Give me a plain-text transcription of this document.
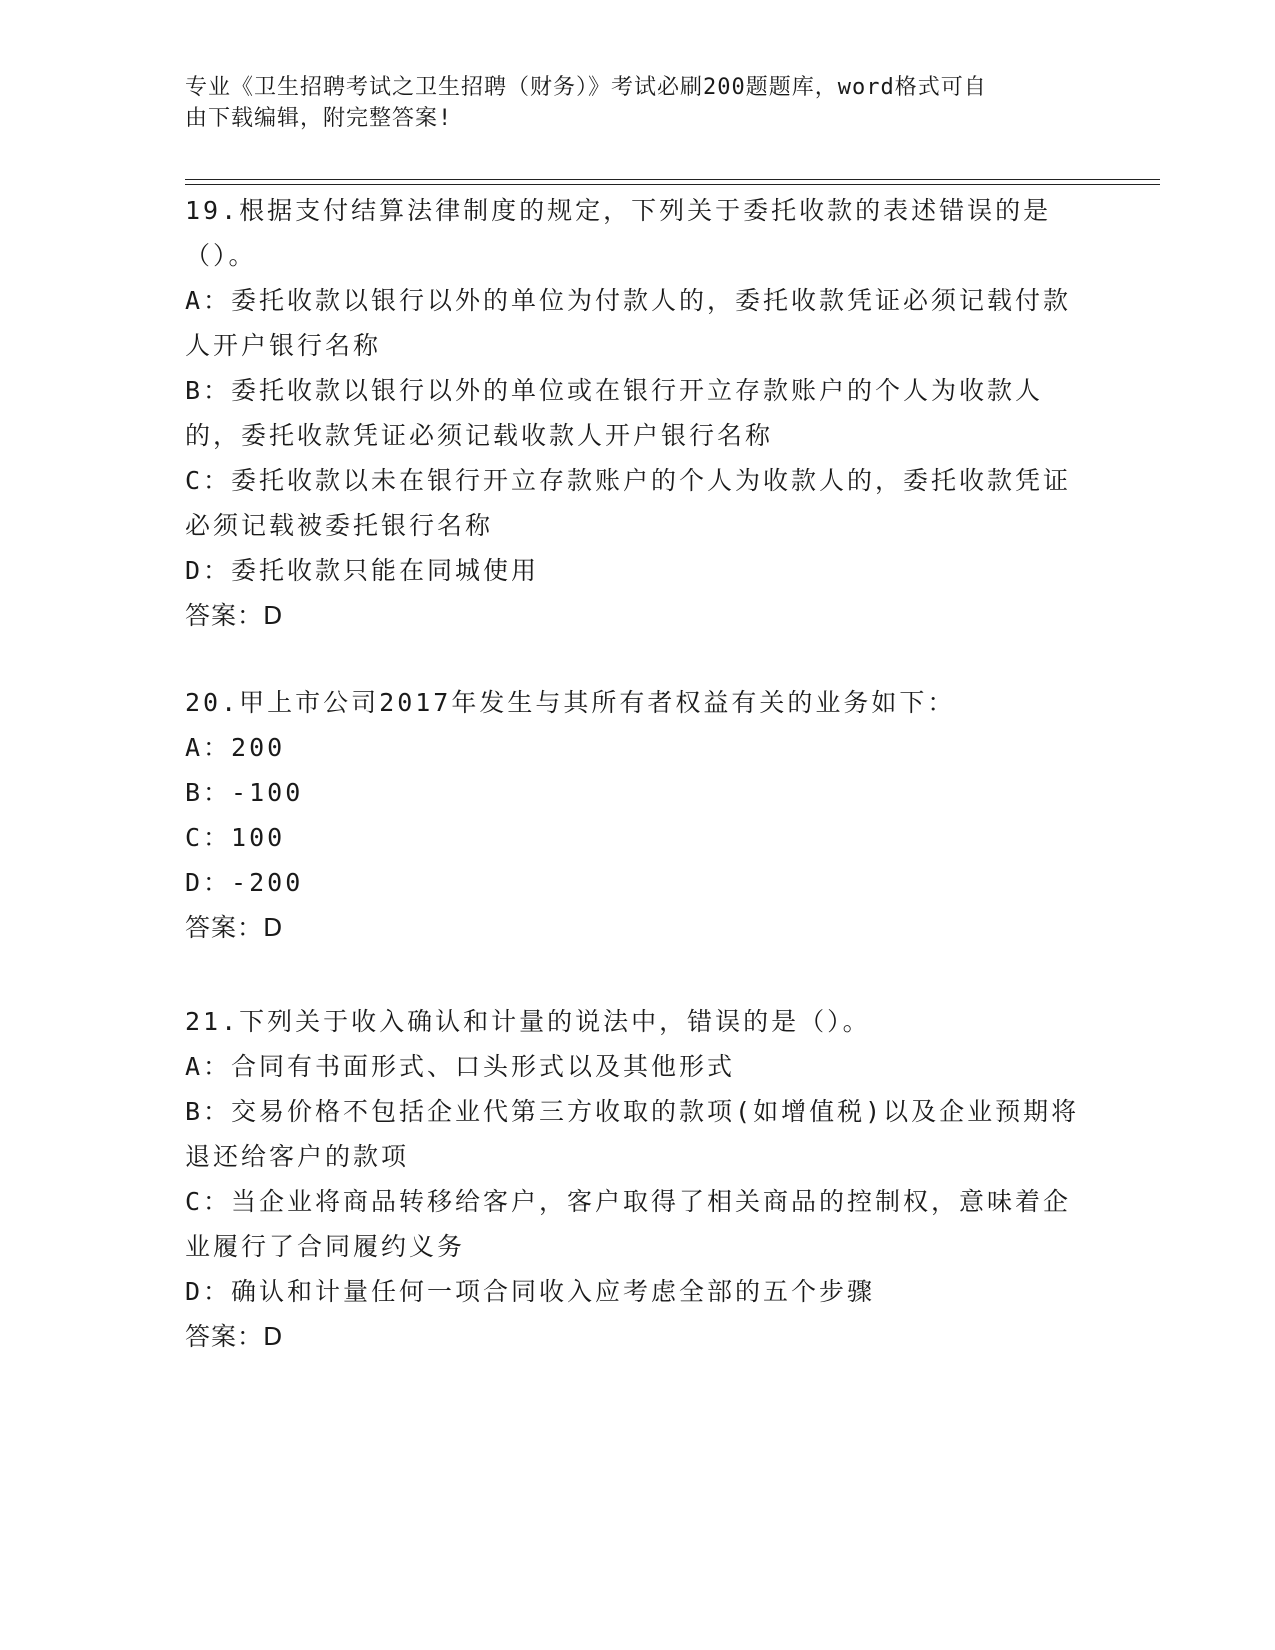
专业《卫生招聘考试之卫生招聘（财务）》考试必刷200题题库，word格式可自
由下载编辑，附完整答案!
19.根据支付结算法律制度的规定，下列关于委托收款的表述错误的是（）。
A：委托收款以银行以外的单位为付款人的，委托收款凭证必须记载付款人开户银行名称
B：委托收款以银行以外的单位或在银行开立存款账户的个人为收款人的，委托收款凭证必须记载收款人开户银行名称
C：委托收款以未在银行开立存款账户的个人为收款人的，委托收款凭证必须记载被委托银行名称
D：委托收款只能在同城使用
答案：D
20.甲上市公司2017年发生与其所有者权益有关的业务如下：
A：200
B：-100
C：100
D：-200
答案：D
21.下列关于收入确认和计量的说法中，错误的是（）。
A：合同有书面形式、口头形式以及其他形式
B：交易价格不包括企业代第三方收取的款项(如增值税)以及企业预期将退还给客户的款项
C：当企业将商品转移给客户，客户取得了相关商品的控制权，意味着企业履行了合同履约义务
D：确认和计量任何一项合同收入应考虑全部的五个步骤
答案：D
